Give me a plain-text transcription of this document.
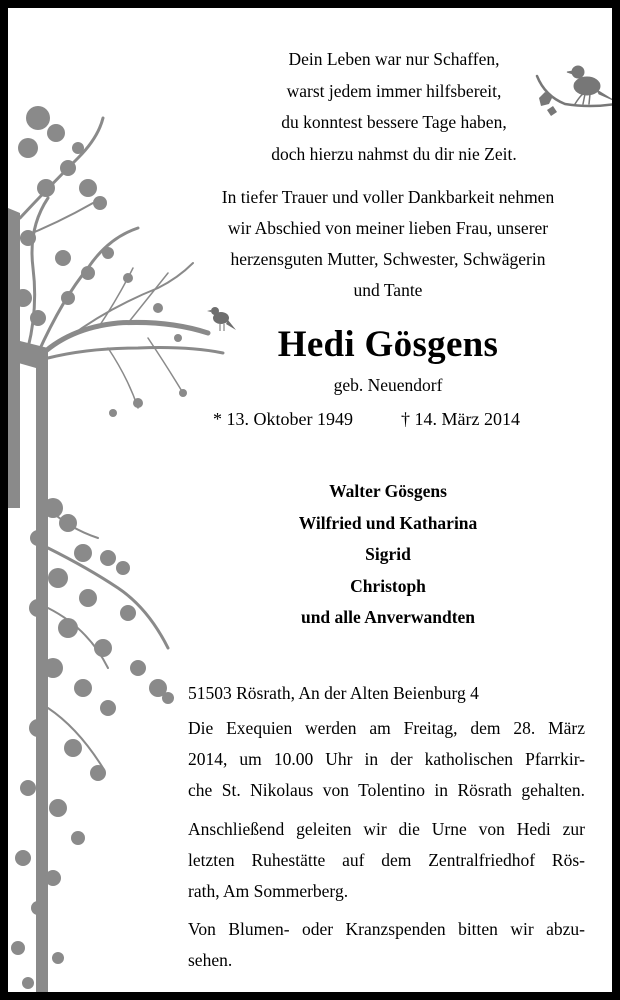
Dein Leben war nur Schaffen,
warst jedem immer hilfsbereit,
du konntest bessere Tage haben,
doch hierzu nahmst du dir nie Zeit.
In tiefer Trauer und voller Dankbarkeit nehmen
wir Abschied von meiner lieben Frau, unserer
herzensguten Mutter, Schwester, Schwägerin
und Tante
Hedi Gösgens
geb. Neuendorf
* 13. Oktober 1949	† 14. März 2014
Walter Gösgens
Wilfried und Katharina
Sigrid
Christoph
und alle Anverwandten
51503 Rösrath, An der Alten Beienburg 4
Die Exequien werden am Freitag, dem 28. März
2014, um 10.00 Uhr in der katholischen Pfarrkir-
che St. Nikolaus von Tolentino in Rösrath gehalten.
Anschließend geleiten wir die Urne von Hedi zur
letzten Ruhestätte auf dem Zentralfriedhof Rös-
rath, Am Sommerberg.
Von Blumen- oder Kranzspenden bitten wir abzu-
sehen.
